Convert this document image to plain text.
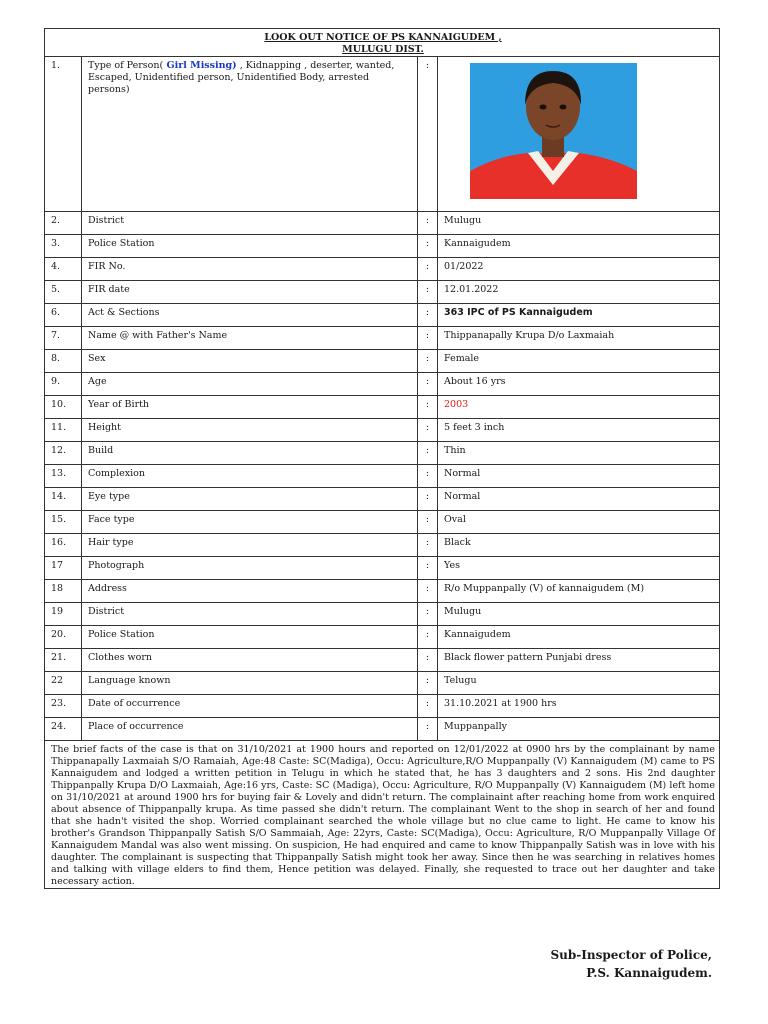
LOOK OUT NOTICE OF PS KANNAIGUDEM ,
MULUGU DIST.			

1.	Type of Person( Girl Missing) , Kidnapping , deserter, wanted, Escaped, Unidentified person, Unidentified Body, arrested persons)	:	

2.	District	:	Mulugu
3.	Police Station	:	Kannaigudem
4.	FIR No.	:	01/2022
5.	FIR date	:	12.01.2022
6.	Act & Sections	:	363 IPC of PS Kannaigudem
7.	Name @ with Father's Name	:	Thippanapally Krupa D/o Laxmaiah
8.	Sex	:	Female
9.	Age	:	About 16 yrs
10.	Year of Birth	:	2003
11.	Height	:	5 feet 3 inch
12.	Build	:	Thin
13.	Complexion	:	Normal
14.	Eye type	:	Normal
15.	Face type	:	Oval
16.	Hair type	:	Black
17	Photograph	:	Yes
18	Address	:	R/o Muppanpally (V) of kannaigudem (M)
19	District	:	Mulugu
20.	Police Station	:	Kannaigudem
21.	Clothes worn	:	Black flower pattern Punjabi dress
22	Language known	:	Telugu
23.	Date of occurrence	:	31.10.2021 at 1900 hrs
24.	Place of occurrence	:	Muppanpally
The brief facts of the case is that on 31/10/2021 at 1900 hours and reported on 12/01/2022 at 0900 hrs by the complainant by name Thippanapally Laxmaiah S/O Ramaiah, Age:48 Caste: SC(Madiga), Occu: Agriculture,R/O Muppanpally (V) Kannaigudem (M) came to PS Kannaigudem and lodged a written petition in Telugu in which he stated that, he has 3 daughters and 2 sons. His 2nd daughter Thippanpally Krupa D/O Laxmaiah, Age:16 yrs, Caste: SC (Madiga), Occu: Agriculture, R/O Muppanpally (V) Kannaigudem (M) left home on 31/10/2021 at around 1900 hrs for buying fair & Lovely and didn't return. The complainaint after reaching home from work enquired about absence of Thippanpally krupa. As time passed she didn't return. The complainant Went to the shop in search of her and found that she hadn't visited the shop. Worried complainant searched the whole village but no clue came to light. He came to know his brother's Grandson Thippanpally Satish S/O Sammaiah, Age: 22yrs, Caste: SC(Madiga), Occu: Agriculture, R/O Muppanpally Village Of Kannaigudem Mandal was also went missing. On suspicion, He had enquired and came to know Thippanpally Satish was in love with his daughter. The complainant is suspecting that Thippanpally Satish might took her away. Since then he was searching in relatives homes and talking with village elders to find them, Hence petition was delayed. Finally, she requested to trace out her daughter and take necessary action.			
Sub-Inspector of Police,
P.S. Kannaigudem.
